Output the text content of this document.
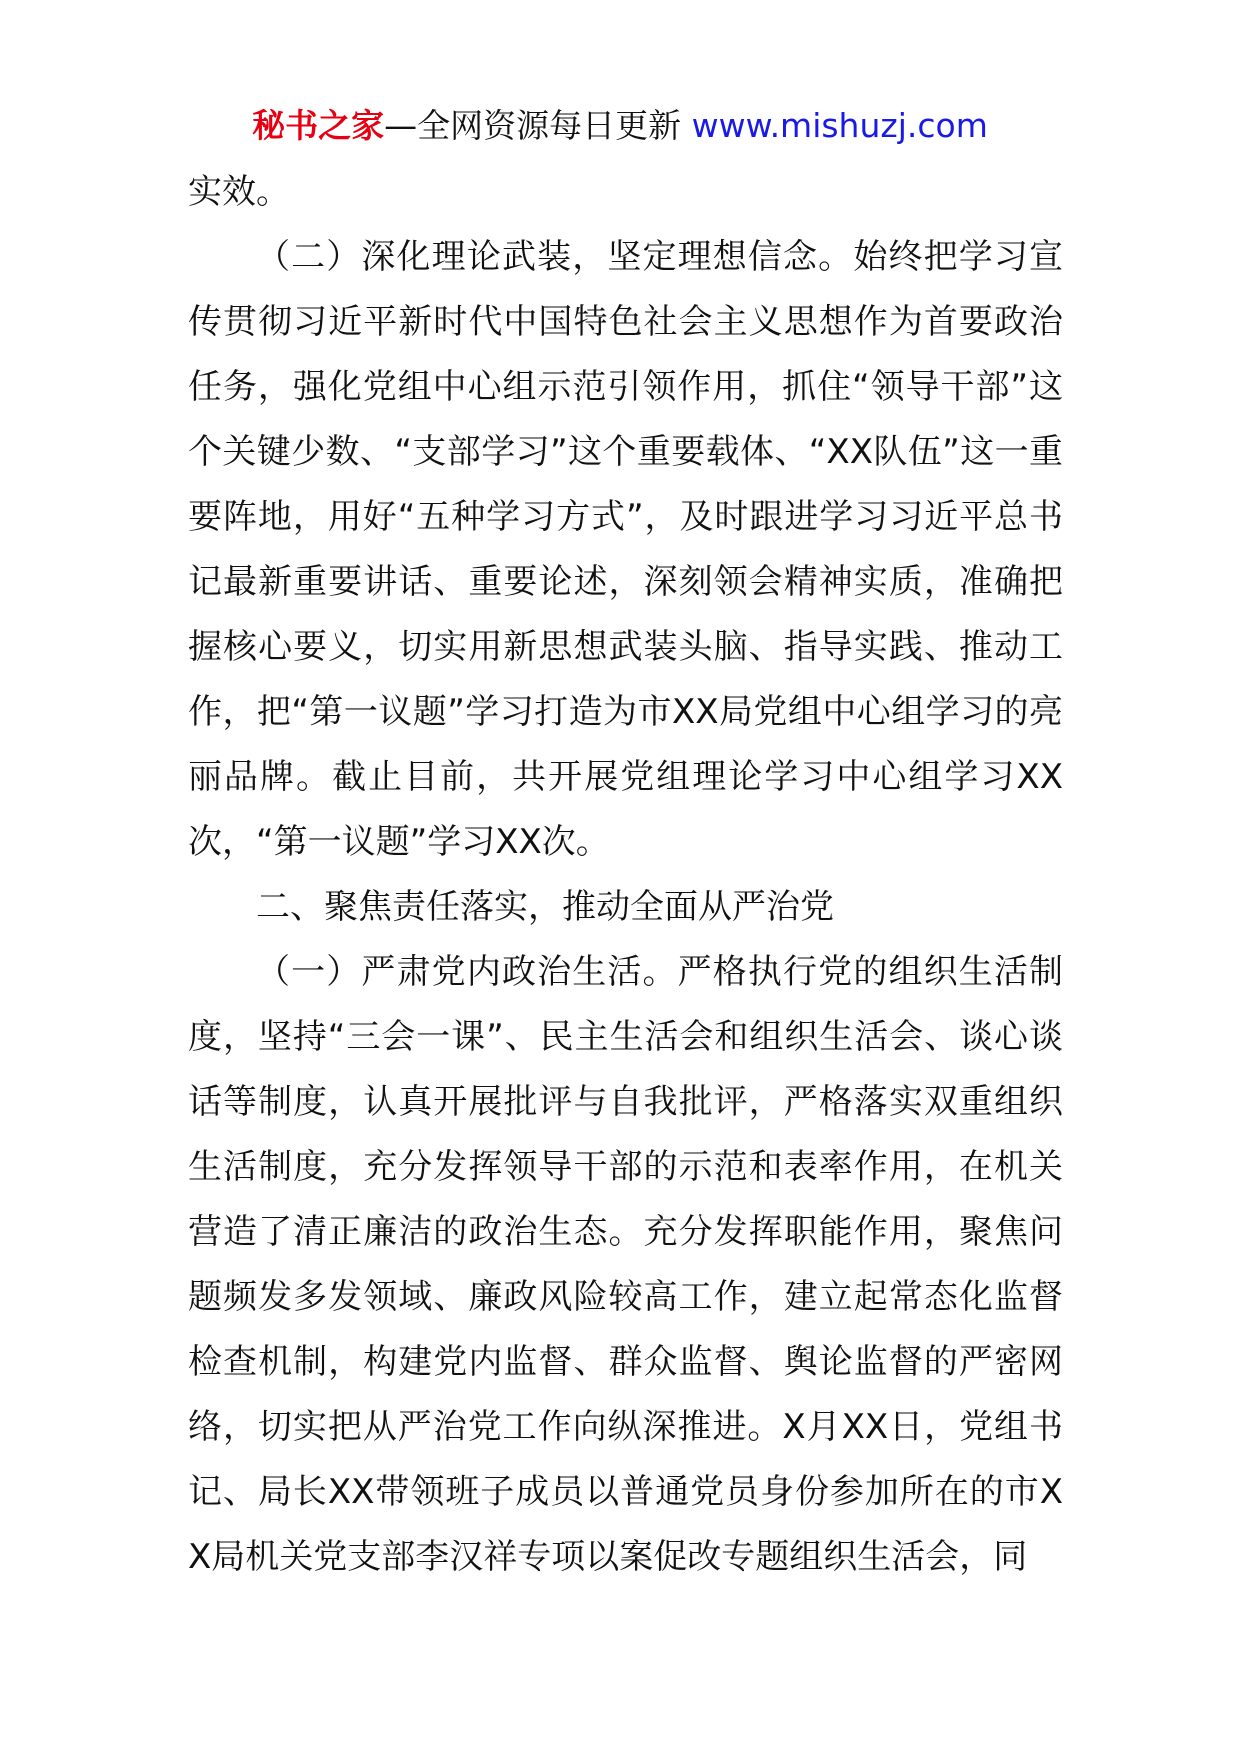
秘书之家—全网资源每日更新 www.mishuzj.com

实效。

（二）深化理论武装，坚定理想信念。始终把学习宣传贯彻习近平新时代中国特色社会主义思想作为首要政治任务，强化党组中心组示范引领作用，抓住“领导干部”这个关键少数、“支部学习”这个重要载体、“XX队伍”这一重要阵地，用好“五种学习方式”，及时跟进学习习近平总书记最新重要讲话、重要论述，深刻领会精神实质，准确把握核心要义，切实用新思想武装头脑、指导实践、推动工作，把“第一议题”学习打造为市XX局党组中心组学习的亮丽品牌。截止目前，共开展党组理论学习中心组学习XX次，“第一议题”学习XX次。

二、聚焦责任落实，推动全面从严治党

（一）严肃党内政治生活。严格执行党的组织生活制度，坚持“三会一课”、民主生活会和组织生活会、谈心谈话等制度，认真开展批评与自我批评，严格落实双重组织生活制度，充分发挥领导干部的示范和表率作用，在机关营造了清正廉洁的政治生态。充分发挥职能作用，聚焦问题频发多发领域、廉政风险较高工作，建立起常态化监督检查机制，构建党内监督、群众监督、舆论监督的严密网络，切实把从严治党工作向纵深推进。X月XX日，党组书记、局长XX带领班子成员以普通党员身份参加所在的市XX局机关党支部李汉祥专项以案促改专题组织生活会，同
